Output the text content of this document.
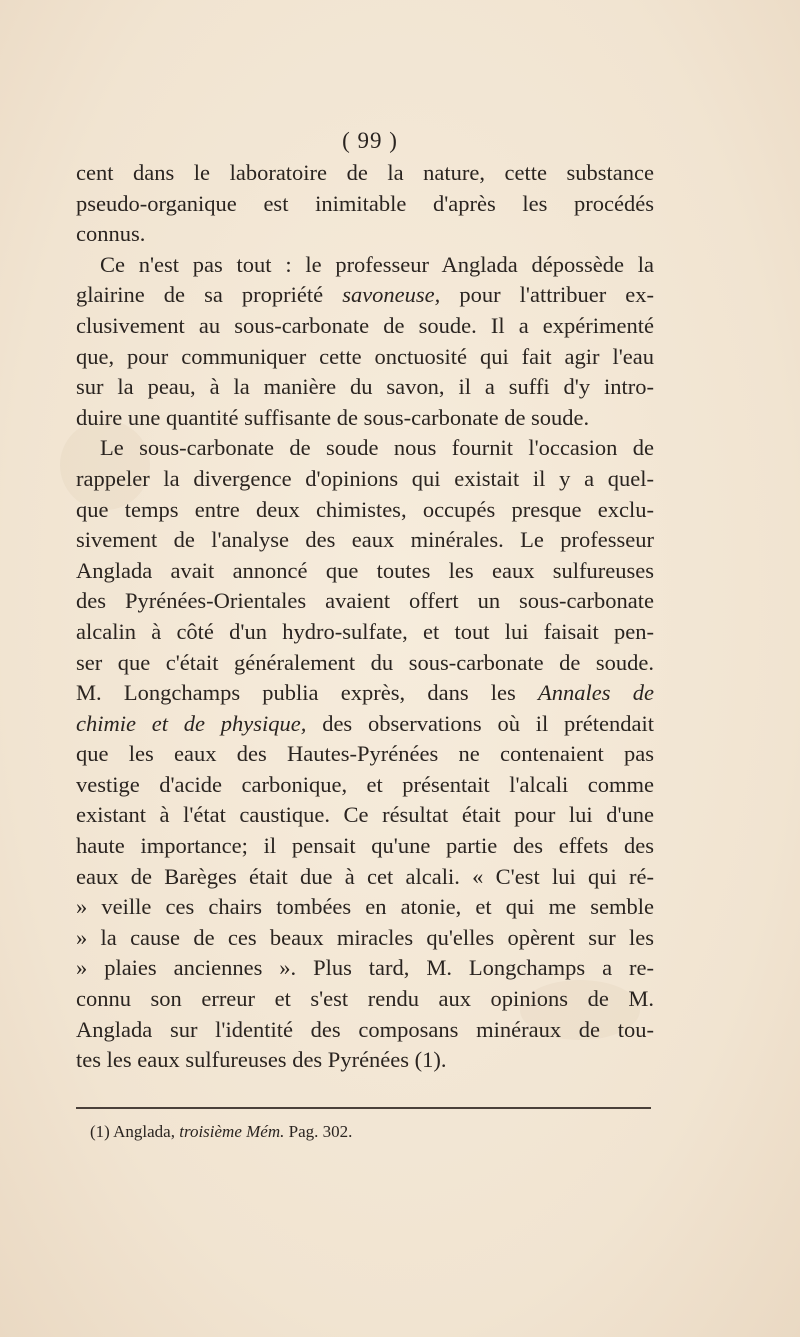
( 99 )
cent dans le laboratoire de la nature, cette substance
pseudo-organique est inimitable d'après les procédés
connus.
Ce n'est pas tout : le professeur Anglada dépossède la
glairine de sa propriété savoneuse, pour l'attribuer ex-
clusivement au sous-carbonate de soude. Il a expérimenté
que, pour communiquer cette onctuosité qui fait agir l'eau
sur la peau, à la manière du savon, il a suffi d'y intro-
duire une quantité suffisante de sous-carbonate de soude.
Le sous-carbonate de soude nous fournit l'occasion de
rappeler la divergence d'opinions qui existait il y a quel-
que temps entre deux chimistes, occupés presque exclu-
sivement de l'analyse des eaux minérales. Le professeur
Anglada avait annoncé que toutes les eaux sulfureuses
des Pyrénées-Orientales avaient offert un sous-carbonate
alcalin à côté d'un hydro-sulfate, et tout lui faisait pen-
ser que c'était généralement du sous-carbonate de soude.
M. Longchamps publia exprès, dans les Annales de
chimie et de physique, des observations où il prétendait
que les eaux des Hautes-Pyrénées ne contenaient pas
vestige d'acide carbonique, et présentait l'alcali comme
existant à l'état caustique. Ce résultat était pour lui d'une
haute importance; il pensait qu'une partie des effets des
eaux de Barèges était due à cet alcali. « C'est lui qui ré-
» veille ces chairs tombées en atonie, et qui me semble
» la cause de ces beaux miracles qu'elles opèrent sur les
» plaies anciennes ». Plus tard, M. Longchamps a re-
connu son erreur et s'est rendu aux opinions de M.
Anglada sur l'identité des composans minéraux de tou-
tes les eaux sulfureuses des Pyrénées (1).
(1) Anglada, troisième Mém. Pag. 302.
